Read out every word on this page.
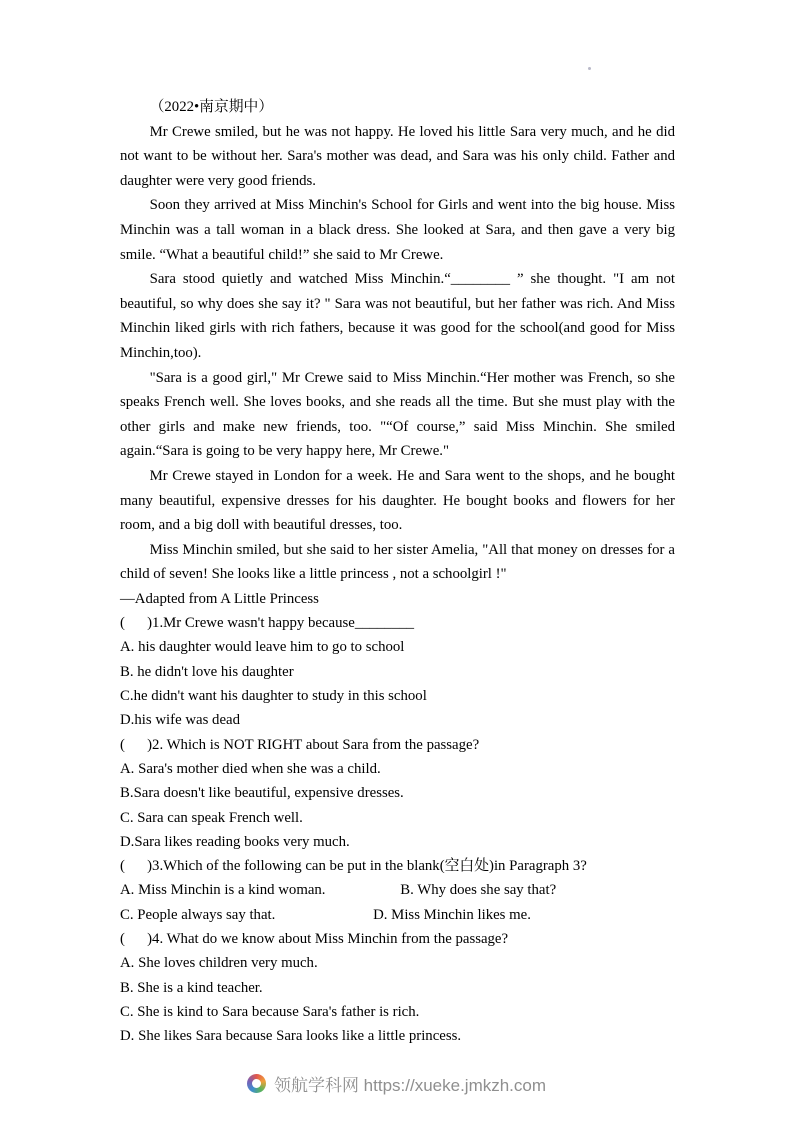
（2022•南京期中）

Mr Crewe smiled, but he was not happy. He loved his little Sara very much, and he did not want to be without her. Sara's mother was dead, and Sara was his only child. Father and daughter were very good friends.

Soon they arrived at Miss Minchin's School for Girls and went into the big house. Miss Minchin was a tall woman in a black dress. She looked at Sara, and then gave a very big smile. “What a beautiful child!” she said to Mr Crewe.

Sara stood quietly and watched Miss Minchin.“________ ” she thought. "I am not beautiful, so why does she say it? " Sara was not beautiful, but her father was rich. And Miss Minchin liked girls with rich fathers, because it was good for the school(and good for Miss Minchin,too).

"Sara is a good girl," Mr Crewe said to Miss Minchin.“Her mother was French, so she speaks French well. She loves books, and she reads all the time. But she must play with the other girls and make new friends, too. "“Of course,” said Miss Minchin. She smiled again.“Sara is going to be very happy here, Mr Crewe."

Mr Crewe stayed in London for a week. He and Sara went to the shops, and he bought many beautiful, expensive dresses for his daughter. He bought books and flowers for her room, and a big doll with beautiful dresses, too.

Miss Minchin smiled, but she said to her sister Amelia, "All that money on dresses for a child of seven! She looks like a little princess , not a schoolgirl !"

—Adapted from A Little Princess

(      )1.Mr Crewe wasn't happy because________

A. his daughter would leave him to go to school

B. he didn't love his daughter

C.he didn't want his daughter to study in this school

D.his wife was dead

(      )2. Which is NOT RIGHT about Sara from the passage?

A. Sara's mother died when she was a child.

B.Sara doesn't like beautiful, expensive dresses.

C. Sara can speak French well.

D.Sara likes reading books very much.

(      )3.Which of the following can be put in the blank(空白处)in Paragraph 3?

A. Miss Minchin is a kind woman.	B. Why does she say that?

C. People always say that.	D. Miss Minchin likes me.

(      )4. What do we know about Miss Minchin from the passage?

A. She loves children very much.

B. She is a kind teacher.

C. She is kind to Sara because Sara's father is rich.

D. She likes Sara because Sara looks like a little princess.

领航学科网 https://xueke.jmkzh.com
